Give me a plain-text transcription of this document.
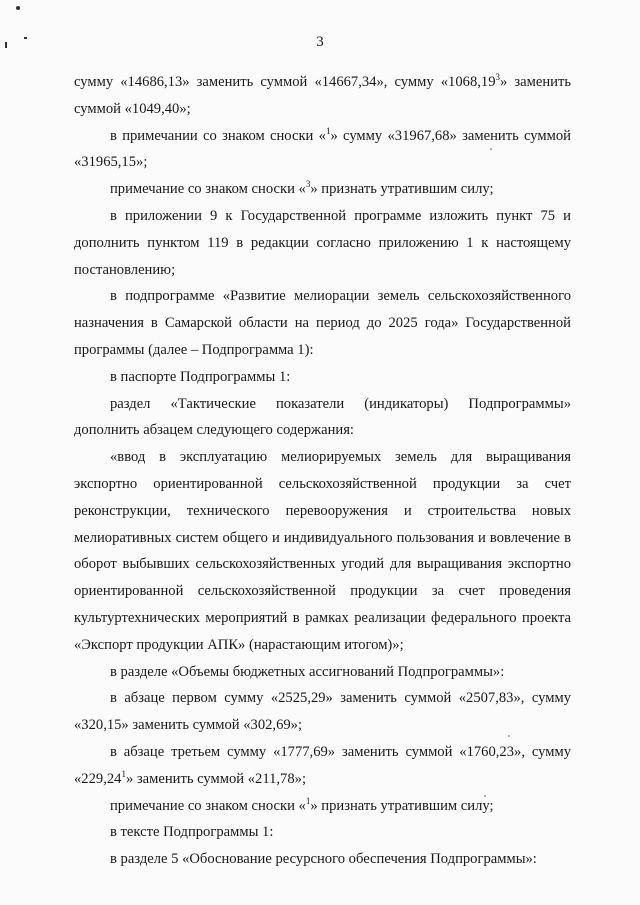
3

сумму «14686,13» заменить суммой «14667,34», сумму «1068,19$^3$» заменить суммой «1049,40»;

в примечании со знаком сноски «$^1$» сумму «31967,68» заменить суммой «31965,15»;

примечание со знаком сноски «$^3$» признать утратившим силу;

в приложении 9 к Государственной программе изложить пункт 75 и дополнить пунктом 119 в редакции согласно приложению 1 к настоящему постановлению;

в подпрограмме «Развитие мелиорации земель сельскохозяйственного назначения в Самарской области на период до 2025 года» Государственной программы (далее – Подпрограмма 1):

в паспорте Подпрограммы 1:

раздел «Тактические показатели (индикаторы) Подпрограммы» дополнить абзацем следующего содержания:

«ввод в эксплуатацию мелиорируемых земель для выращивания экспортно ориентированной сельскохозяйственной продукции за счет реконструкции, технического перевооружения и строительства новых мелиоративных систем общего и индивидуального пользования и вовлечение в оборот выбывших сельскохозяйственных угодий для выращивания экспортно ориентированной сельскохозяйственной продукции за счет проведения культуртехнических мероприятий в рамках реализации федерального проекта «Экспорт продукции АПК» (нарастающим итогом)»;

в разделе «Объемы бюджетных ассигнований Подпрограммы»:

в абзаце первом сумму «2525,29» заменить суммой «2507,83», сумму «320,15» заменить суммой «302,69»;

в абзаце третьем сумму «1777,69» заменить суммой «1760,23», сумму «229,24$^1$» заменить суммой «211,78»;

примечание со знаком сноски «$^1$» признать утратившим силу;

в тексте Подпрограммы 1:

в разделе 5 «Обоснование ресурсного обеспечения Подпрограммы»:
